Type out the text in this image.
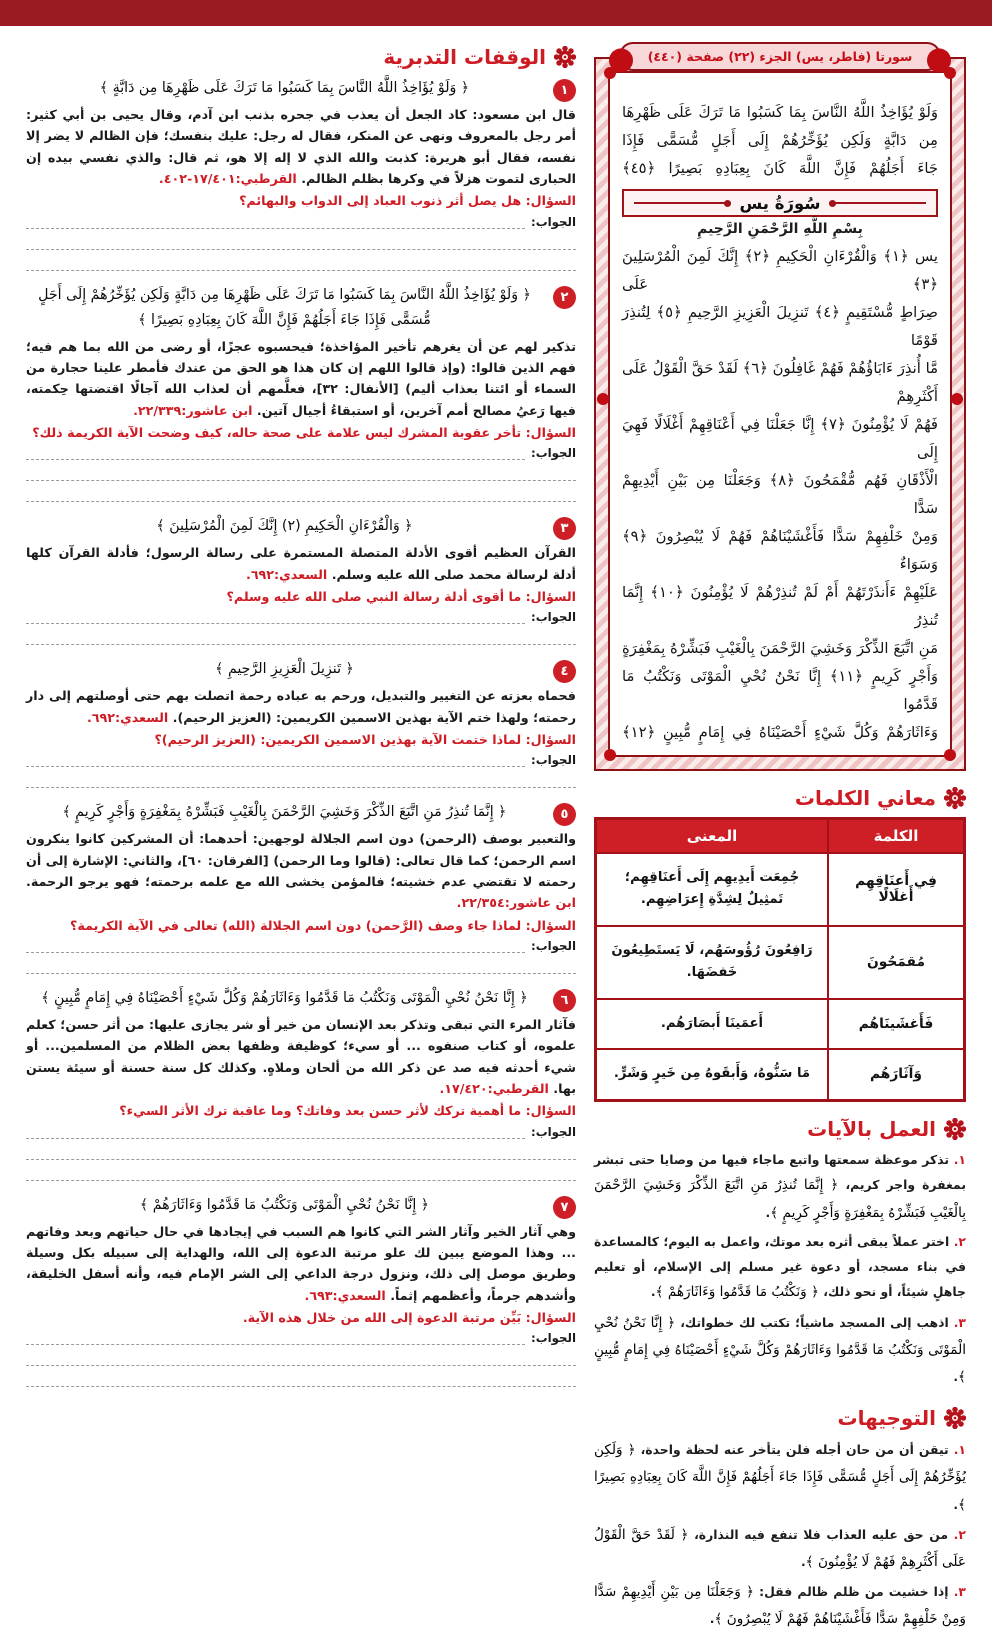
سورتا (فاطر، يس) الجزء (٢٢) صفحة (٤٤٠)

وَلَوْ يُؤَاخِذُ اللَّهُ النَّاسَ بِمَا كَسَبُوا مَا تَرَكَ عَلَى ظَهْرِهَا

مِن دَابَّةٍ وَلَكِن يُؤَخِّرُهُمْ إِلَى أَجَلٍ مُّسَمًّى فَإِذَا

جَاءَ أَجَلُهُمْ فَإِنَّ اللَّهَ كَانَ بِعِبَادِهِ بَصِيرًا ﴿٤٥﴾

سُورَةُ يس
بِسْمِ اللَّهِ الرَّحْمَنِ الرَّحِيمِ

يس ﴿١﴾ وَالْقُرْءَانِ الْحَكِيمِ ﴿٢﴾ إِنَّكَ لَمِنَ الْمُرْسَلِينَ ﴿٣﴾ عَلَى

صِرَاطٍ مُّسْتَقِيمٍ ﴿٤﴾ تَنزِيلَ الْعَزِيزِ الرَّحِيمِ ﴿٥﴾ لِتُنذِرَ قَوْمًا

مَّا أُنذِرَ ءَابَاؤُهُمْ فَهُمْ غَافِلُونَ ﴿٦﴾ لَقَدْ حَقَّ الْقَوْلُ عَلَى أَكْثَرِهِمْ

فَهُمْ لَا يُؤْمِنُونَ ﴿٧﴾ إِنَّا جَعَلْنَا فِي أَعْنَاقِهِمْ أَغْلَالًا فَهِيَ إِلَى

الْأَذْقَانِ فَهُم مُّقْمَحُونَ ﴿٨﴾ وَجَعَلْنَا مِن بَيْنِ أَيْدِيهِمْ سَدًّا

وَمِنْ خَلْفِهِمْ سَدًّا فَأَغْشَيْنَاهُمْ فَهُمْ لَا يُبْصِرُونَ ﴿٩﴾ وَسَوَاءٌ

عَلَيْهِمْ ءَأَنذَرْتَهُمْ أَمْ لَمْ تُنذِرْهُمْ لَا يُؤْمِنُونَ ﴿١٠﴾ إِنَّمَا تُنذِرُ

مَنِ اتَّبَعَ الذِّكْرَ وَخَشِيَ الرَّحْمَنَ بِالْغَيْبِ فَبَشِّرْهُ بِمَغْفِرَةٍ

وَأَجْرٍ كَرِيمٍ ﴿١١﴾ إِنَّا نَحْنُ نُحْيِ الْمَوْتَى وَنَكْتُبُ مَا قَدَّمُوا

وَءَاثَارَهُمْ وَكُلَّ شَيْءٍ أَحْصَيْنَاهُ فِي إِمَامٍ مُّبِينٍ ﴿١٢﴾

معاني الكلمات
الكلمة	المعنى
فِي أَعنَاقِهِم أَغلَالًا	جُمِعَت أَيدِيهِم إِلَى أَعنَاقِهِم؛ تَمثِيلٌ لِشِدَّةِ إِعرَاضِهِم.
مُقمَحُونَ	رَافِعُونَ رُؤُوسَهُم، لَا يَستَطِيعُونَ خَفضَهَا.
فَأَغشَينَاهُم	أَعمَينَا أَبصَارَهُم.
وَآثَارَهُم	مَا سَنُّوهُ، وَأَبقَوهُ مِن خَيرٍ وَشَرٍّ.
العمل بالآيات
١. تذكر موعظة سمعتها واتبع ماجاء فيها من وصايا حتى تبشر بمغفرة واجر كريم، ﴿ إِنَّمَا تُنذِرُ مَنِ اتَّبَعَ الذِّكْرَ وَخَشِيَ الرَّحْمَنَ بِالْغَيْبِ فَبَشِّرْهُ بِمَغْفِرَةٍ وَأَجْرٍ كَرِيمٍ ﴾.
٢. اختر عملاً يبقى أثره بعد موتك، واعمل به اليوم؛ كالمساعدة في بناء مسجد، أو دعوة غير مسلم إلى الإسلام، أو تعليم جاهلٍ شيئاً، أو نحو ذلك، ﴿ وَنَكْتُبُ مَا قَدَّمُوا وَءَاثَارَهُمْ ﴾.
٣. اذهب إلى المسجد ماشياً؛ تكتب لك خطواتك، ﴿ إِنَّا نَحْنُ نُحْيِ الْمَوْتَى وَنَكْتُبُ مَا قَدَّمُوا وَءَاثَارَهُمْ وَكُلَّ شَيْءٍ أَحْصَيْنَاهُ فِي إِمَامٍ مُّبِينٍ ﴾.
التوجيهات
١. تيقن أن من حان أجله فلن يتأخر عنه لحظة واحدة، ﴿ وَلَكِن يُؤَخِّرُهُمْ إِلَى أَجَلٍ مُّسَمًّى فَإِذَا جَاءَ أَجَلُهُمْ فَإِنَّ اللَّهَ كَانَ بِعِبَادِهِ بَصِيرًا ﴾.
٢. من حق عليه العذاب فلا تنفع فيه النذارة، ﴿ لَقَدْ حَقَّ الْقَوْلُ عَلَى أَكْثَرِهِمْ فَهُمْ لَا يُؤْمِنُونَ ﴾.
٣. إذا خشيت من ظلم ظالم فقل: ﴿ وَجَعَلْنَا مِن بَيْنِ أَيْدِيهِمْ سَدًّا وَمِنْ خَلْفِهِمْ سَدًّا فَأَغْشَيْنَاهُمْ فَهُمْ لَا يُبْصِرُونَ ﴾.
الوقفات التدبرية
١
﴿ وَلَوْ يُؤَاخِذُ اللَّهُ النَّاسَ بِمَا كَسَبُوا مَا تَرَكَ عَلَى ظَهْرِهَا مِن دَابَّةٍ ﴾

قال ابن مسعود: كاد الجعل أن يعذب في جحره بذنب ابن آدم، وقال يحيى بن أبي كثير: أمر رجل بالمعروف ونهى عن المنكر، فقال له رجل: عليك بنفسك؛ فإن الظالم لا يضر إلا نفسه، فقال أبو هريرة: كذبت والله الذي لا إله إلا هو، ثم قال: والذي نفسي بيده إن الحبارى لتموت هزلاً في وكرها بظلم الظالم. القرطبي:١٧/٤٠١-٤٠٢.

السؤال: هل يصل أثر ذنوب العباد إلى الدواب والبهائم؟

الجواب:
٢
﴿ وَلَوْ يُؤَاخِذُ اللَّهُ النَّاسَ بِمَا كَسَبُوا مَا تَرَكَ عَلَى ظَهْرِهَا مِن دَابَّةٍ وَلَكِن يُؤَخِّرُهُمْ إِلَى أَجَلٍ مُّسَمًّى فَإِذَا جَاءَ أَجَلُهُمْ فَإِنَّ اللَّهَ كَانَ بِعِبَادِهِ بَصِيرًا ﴾

تذكير لهم عن أن يغرهم تأخير المؤاخذة؛ فيحسبوه عجزًا، أو رضى من الله بما هم فيه؛ فهم الذين قالوا: (وإذ قالوا اللهم إن كان هذا هو الحق من عندك فأمطر علينا حجارة من السماء أو ائتنا بعذاب أليم) [الأنفال: ٣٢]، فعلَّمهم أن لعذاب الله آجالًا اقتضتها حِكمته، فيها رَعيُ مصالح أمم آخرين، أو استبقاءُ أجيال آتين. ابن عاشور:٢٢/٣٣٩.

السؤال: تأخر عقوبة المشرك ليس علامة على صحة حاله، كيف وضحت الآية الكريمة ذلك؟

الجواب:
٣
﴿ وَالْقُرْءَانِ الْحَكِيمِ (٢) إِنَّكَ لَمِنَ الْمُرْسَلِينَ ﴾

القرآن العظيم أقوى الأدلة المتصلة المستمرة على رسالة الرسول؛ فأدلة القرآن كلها أدلة لرسالة محمد صلى الله عليه وسلم. السعدي:٦٩٢.

السؤال: ما أقوى أدلة رسالة النبي صلى الله عليه وسلم؟

الجواب:
٤
﴿ تَنزِيلَ الْعَزِيزِ الرَّحِيمِ ﴾

فحماه بعزته عن التغيير والتبديل، ورحم به عباده رحمة اتصلت بهم حتى أوصلتهم إلى دار رحمته؛ ولهذا ختم الآية بهذين الاسمين الكريمين: (العزيز الرحيم). السعدي:٦٩٢.

السؤال: لماذا ختمت الآية بهذين الاسمين الكريمين: (العزيز الرحيم)؟

الجواب:
٥
﴿ إِنَّمَا تُنذِرُ مَنِ اتَّبَعَ الذِّكْرَ وَخَشِيَ الرَّحْمَنَ بِالْغَيْبِ فَبَشِّرْهُ بِمَغْفِرَةٍ وَأَجْرٍ كَرِيمٍ ﴾

والتعبير بوصف (الرحمن) دون اسم الجلالة لوجهين: أحدهما: أن المشركين كانوا ينكرون اسم الرحمن؛ كما قال تعالى: (قالوا وما الرحمن) [الفرقان: ٦٠]، والثاني: الإشارة إلى أن رحمته لا تقتضي عدم خشيته؛ فالمؤمن يخشى الله مع علمه برحمته؛ فهو يرجو الرحمة. ابن عاشور:٢٢/٣٥٤.

السؤال: لماذا جاء وصف (الرَّحمن) دون اسم الجلالة (الله) تعالى في الآية الكريمة؟

الجواب:
٦
﴿ إِنَّا نَحْنُ نُحْيِ الْمَوْتَى وَنَكْتُبُ مَا قَدَّمُوا وَءَاثَارَهُمْ وَكُلَّ شَيْءٍ أَحْصَيْنَاهُ فِي إِمَامٍ مُّبِينٍ ﴾

فآثار المرء التي تبقى وتذكر بعد الإنسان من خير أو شر يجازى عليها: من أثر حسن؛ كعلم علموه، أو كتاب صنفوه ... أو سيء؛ كوظيفة وظفها بعض الظلام من المسلمين... أو شيء أحدثه فيه صد عن ذكر الله من ألحان وملاهٍ. وكذلك كل سنة حسنة أو سيئة يستن بها. القرطبي:١٧/٤٢٠.

السؤال: ما أهمية تركك لأثر حسن بعد وفاتك؟ وما عاقبة ترك الأثر السيء؟

الجواب:
٧
﴿ إِنَّا نَحْنُ نُحْيِ الْمَوْتَى وَنَكْتُبُ مَا قَدَّمُوا وَءَاثَارَهُمْ ﴾

وهي آثار الخير وآثار الشر التي كانوا هم السبب في إيجادها في حال حياتهم وبعد وفاتهم ... وهذا الموضع يبين لك علو مرتبة الدعوة إلى الله، والهداية إلى سبيله بكل وسيلة وطريق موصل إلى ذلك، ونزول درجة الداعي إلى الشر الإمام فيه، وأنه أسفل الخليقة، وأشدهم جرماً، وأعظمهم إثماً. السعدي:٦٩٣.

السؤال: بَيِّن مرتبة الدعوة إلى الله من خلال هذه الآية.

الجواب:
